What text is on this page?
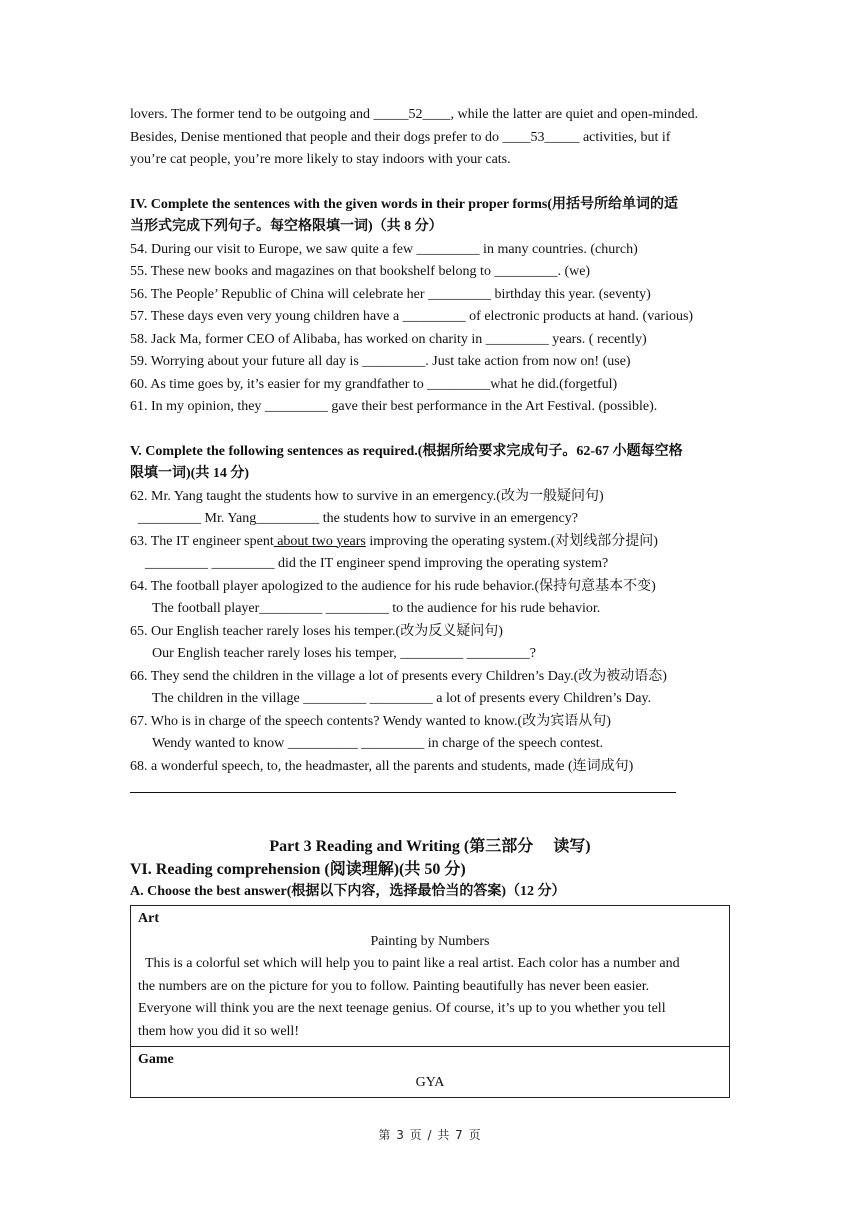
lovers. The former tend to be outgoing and _____52____, while the latter are quiet and open-minded.

Besides, Denise mentioned that people and their dogs prefer to do ____53_____ activities, but if

you’re cat people, you’re more likely to stay indoors with your cats.

IV. Complete the sentences with the given words in their proper forms(用括号所给单词的适

当形式完成下列句子。每空格限填一词)（共 8 分）

54. During our visit to Europe, we saw quite a few _________ in many countries. (church)

55. These new books and magazines on that bookshelf belong to _________. (we)

56. The People’ Republic of China will celebrate her _________ birthday this year. (seventy)

57. These days even very young children have a _________ of electronic products at hand. (various)

58. Jack Ma, former CEO of Alibaba, has worked on charity in _________ years. ( recently)

59. Worrying about your future all day is _________. Just take action from now on! (use)

60. As time goes by, it’s easier for my grandfather to _________what he did.(forgetful)

61. In my opinion, they _________ gave their best performance in the Art Festival. (possible).

V. Complete the following sentences as required.(根据所给要求完成句子。62-67 小题每空格

限填一词)(共 14 分)

62. Mr. Yang taught the students how to survive in an emergency.(改为一般疑问句)

_________ Mr. Yang_________ the students how to survive in an emergency?

63. The IT engineer spent about two years improving the operating system.(对划线部分提问)

_________ _________ did the IT engineer spend improving the operating system?

64. The football player apologized to the audience for his rude behavior.(保持句意基本不变)

The football player_________ _________ to the audience for his rude behavior.

65. Our English teacher rarely loses his temper.(改为反义疑问句)

Our English teacher rarely loses his temper, _________ _________?

66. They send the children in the village a lot of presents every Children’s Day.(改为被动语态)

The children in the village _________ _________ a lot of presents every Children’s Day.

67. Who is in charge of the speech contents? Wendy wanted to know.(改为宾语从句)

Wendy wanted to know __________ _________ in charge of the speech contest.

68. a wonderful speech, to, the headmaster, all the parents and students, made (连词成句)

Part 3 Reading and Writing (第三部分　 读写)

VI. Reading comprehension (阅读理解)(共 50 分)

A. Choose the best answer(根据以下内容，选择最恰当的答案)（12 分）

Art
Painting by Numbers
This is a colorful set which will help you to paint like a real artist. Each color has a number and
the numbers are on the picture for you to follow. Painting beautifully has never been easier.
Everyone will think you are the next teenage genius. Of course, it’s up to you whether you tell
them how you did it so well!

Game
GYA
第 3 页 / 共 7 页
